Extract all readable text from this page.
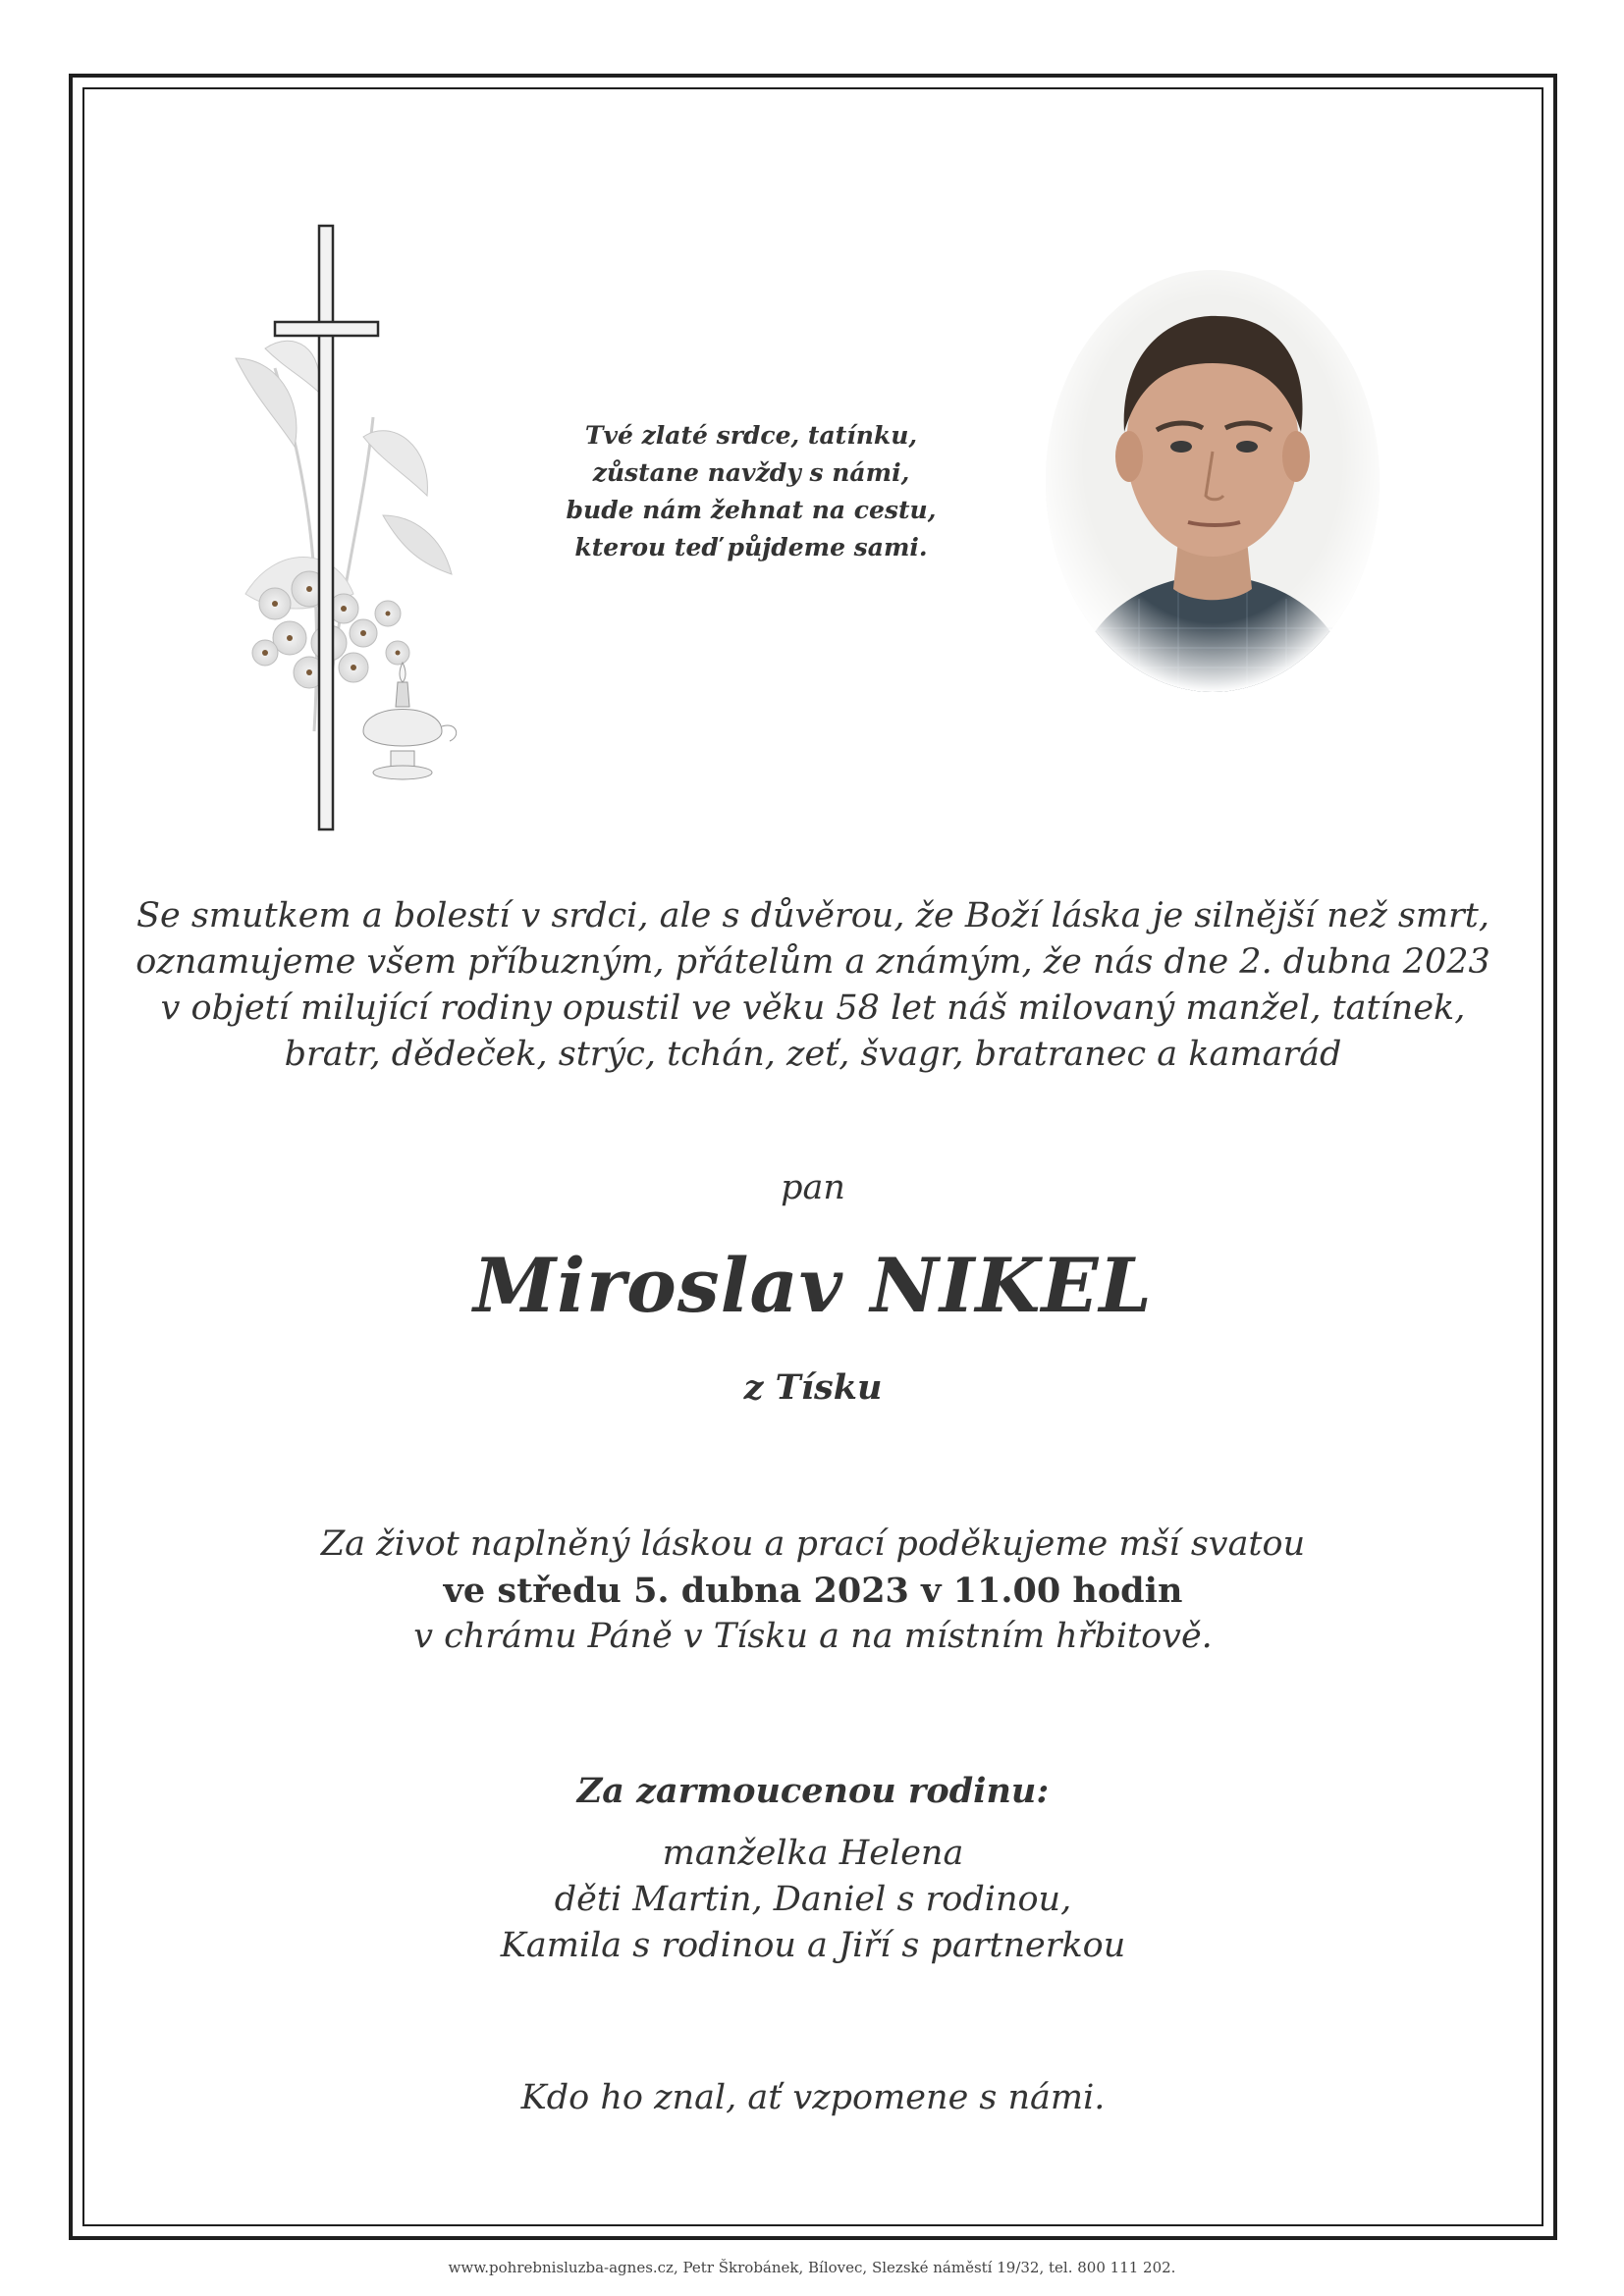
Tvé zlaté srdce, tatínku,
zůstane navždy s námi,
bude nám žehnat na cestu,
kterou teď půjdeme sami.
Se smutkem a bolestí v srdci, ale s důvěrou, že Boží láska je silnější než smrt,
oznamujeme všem příbuzným, přátelům a známým, že nás dne 2. dubna 2023
v objetí milující rodiny opustil ve věku 58 let náš milovaný manžel, tatínek,
bratr, dědeček, strýc, tchán, zeť, švagr, bratranec a kamarád
pan
Miroslav NIKEL
z Tísku
Za život naplněný láskou a prací poděkujeme mší svatou
ve středu 5. dubna 2023 v 11.00 hodin
v chrámu Páně v Tísku a na místním hřbitově.
Za zarmoucenou rodinu:
manželka Helena
děti Martin, Daniel s rodinou,
Kamila s rodinou a Jiří s partnerkou
Kdo ho znal, ať vzpomene s námi.
www.pohrebnisluzba-agnes.cz, Petr Škrobánek, Bílovec, Slezské náměstí 19/32, tel. 800 111 202.
